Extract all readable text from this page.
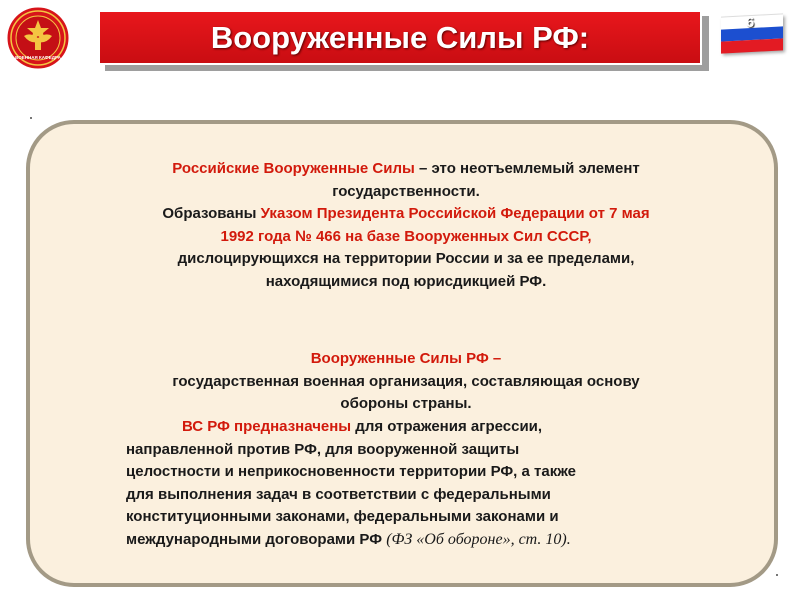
ВОЕННАЯ КАФЕДРА
Вооруженные Силы РФ:	6
Российские Вооруженные Силы – это неотъемлемый элемент
государственности.
Образованы Указом Президента Российской Федерации от 7 мая
1992 года № 466 на базе Вооруженных Сил СССР,
дислоцирующихся на территории России и за ее пределами,
находящимися под юрисдикцией РФ.
Вооруженные Силы РФ –
государственная военная организация, составляющая основу
обороны страны.
ВС РФ предназначены для отражения агрессии,
направленной против РФ, для вооруженной защиты
целостности и неприкосновенности территории РФ, а также
для выполнения задач в соответствии с федеральными
конституционными законами, федеральными законами и
международными договорами РФ (ФЗ «Об обороне», ст. 10).
